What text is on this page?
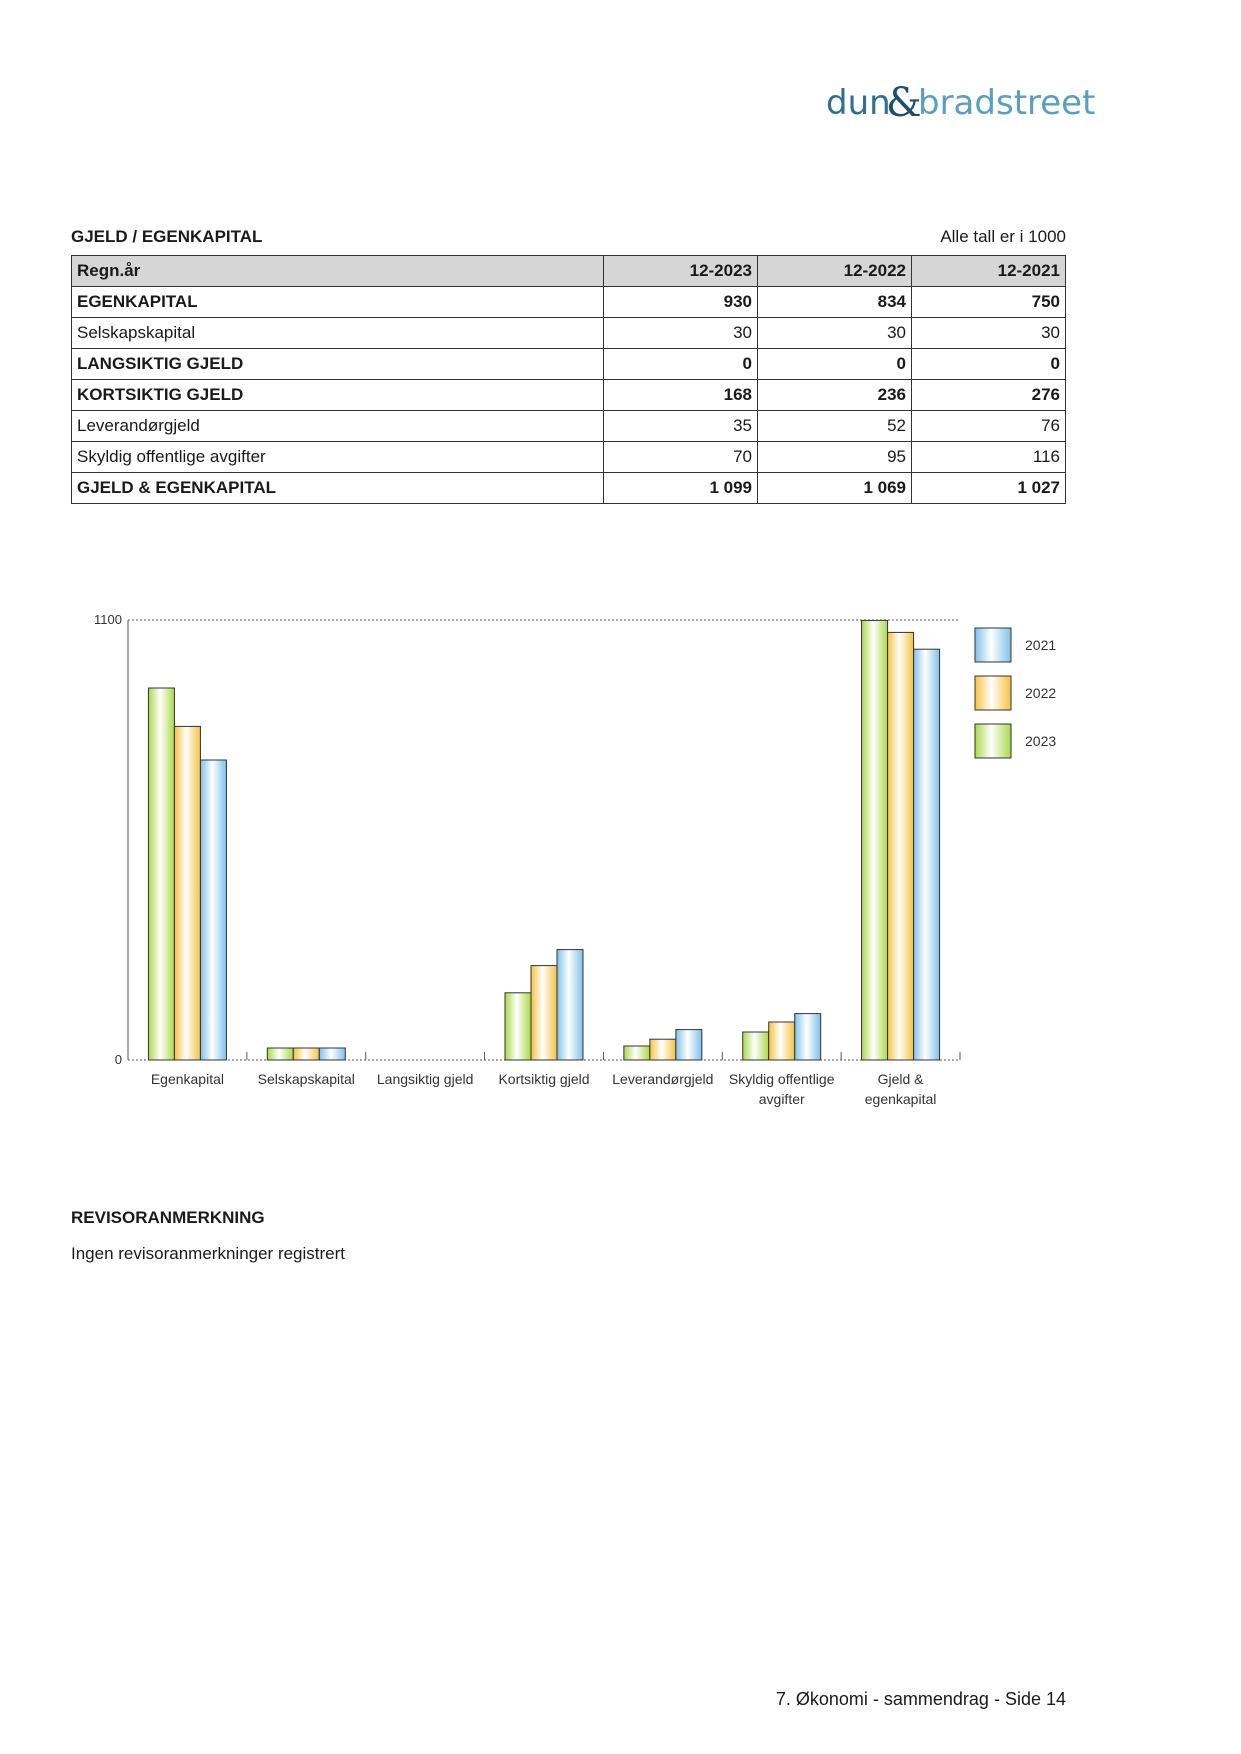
dun
&
bradstreet
GJELD / EGENKAPITAL	Alle tall er i 1000
Regn.år	12-2023	12-2022	12-2021
EGENKAPITAL	930	834	750
Selskapskapital	30	30	30
LANGSIKTIG GJELD	0	0	0
KORTSIKTIG GJELD	168	236	276
Leverandørgjeld	35	52	76
Skyldig offentlige avgifter	70	95	116
GJELD & EGENKAPITAL	1 099	1 069	1 027
0
1100
Egenkapital Selskapskapital Langsiktig gjeld Kortsiktig gjeld Leverandørgjeld Skyldig offentlige
avgifter
Gjeld &
egenkapital
2021
2022
2023
REVISORANMERKNING
Ingen revisoranmerkninger registrert
7. Økonomi - sammendrag - Side 14
